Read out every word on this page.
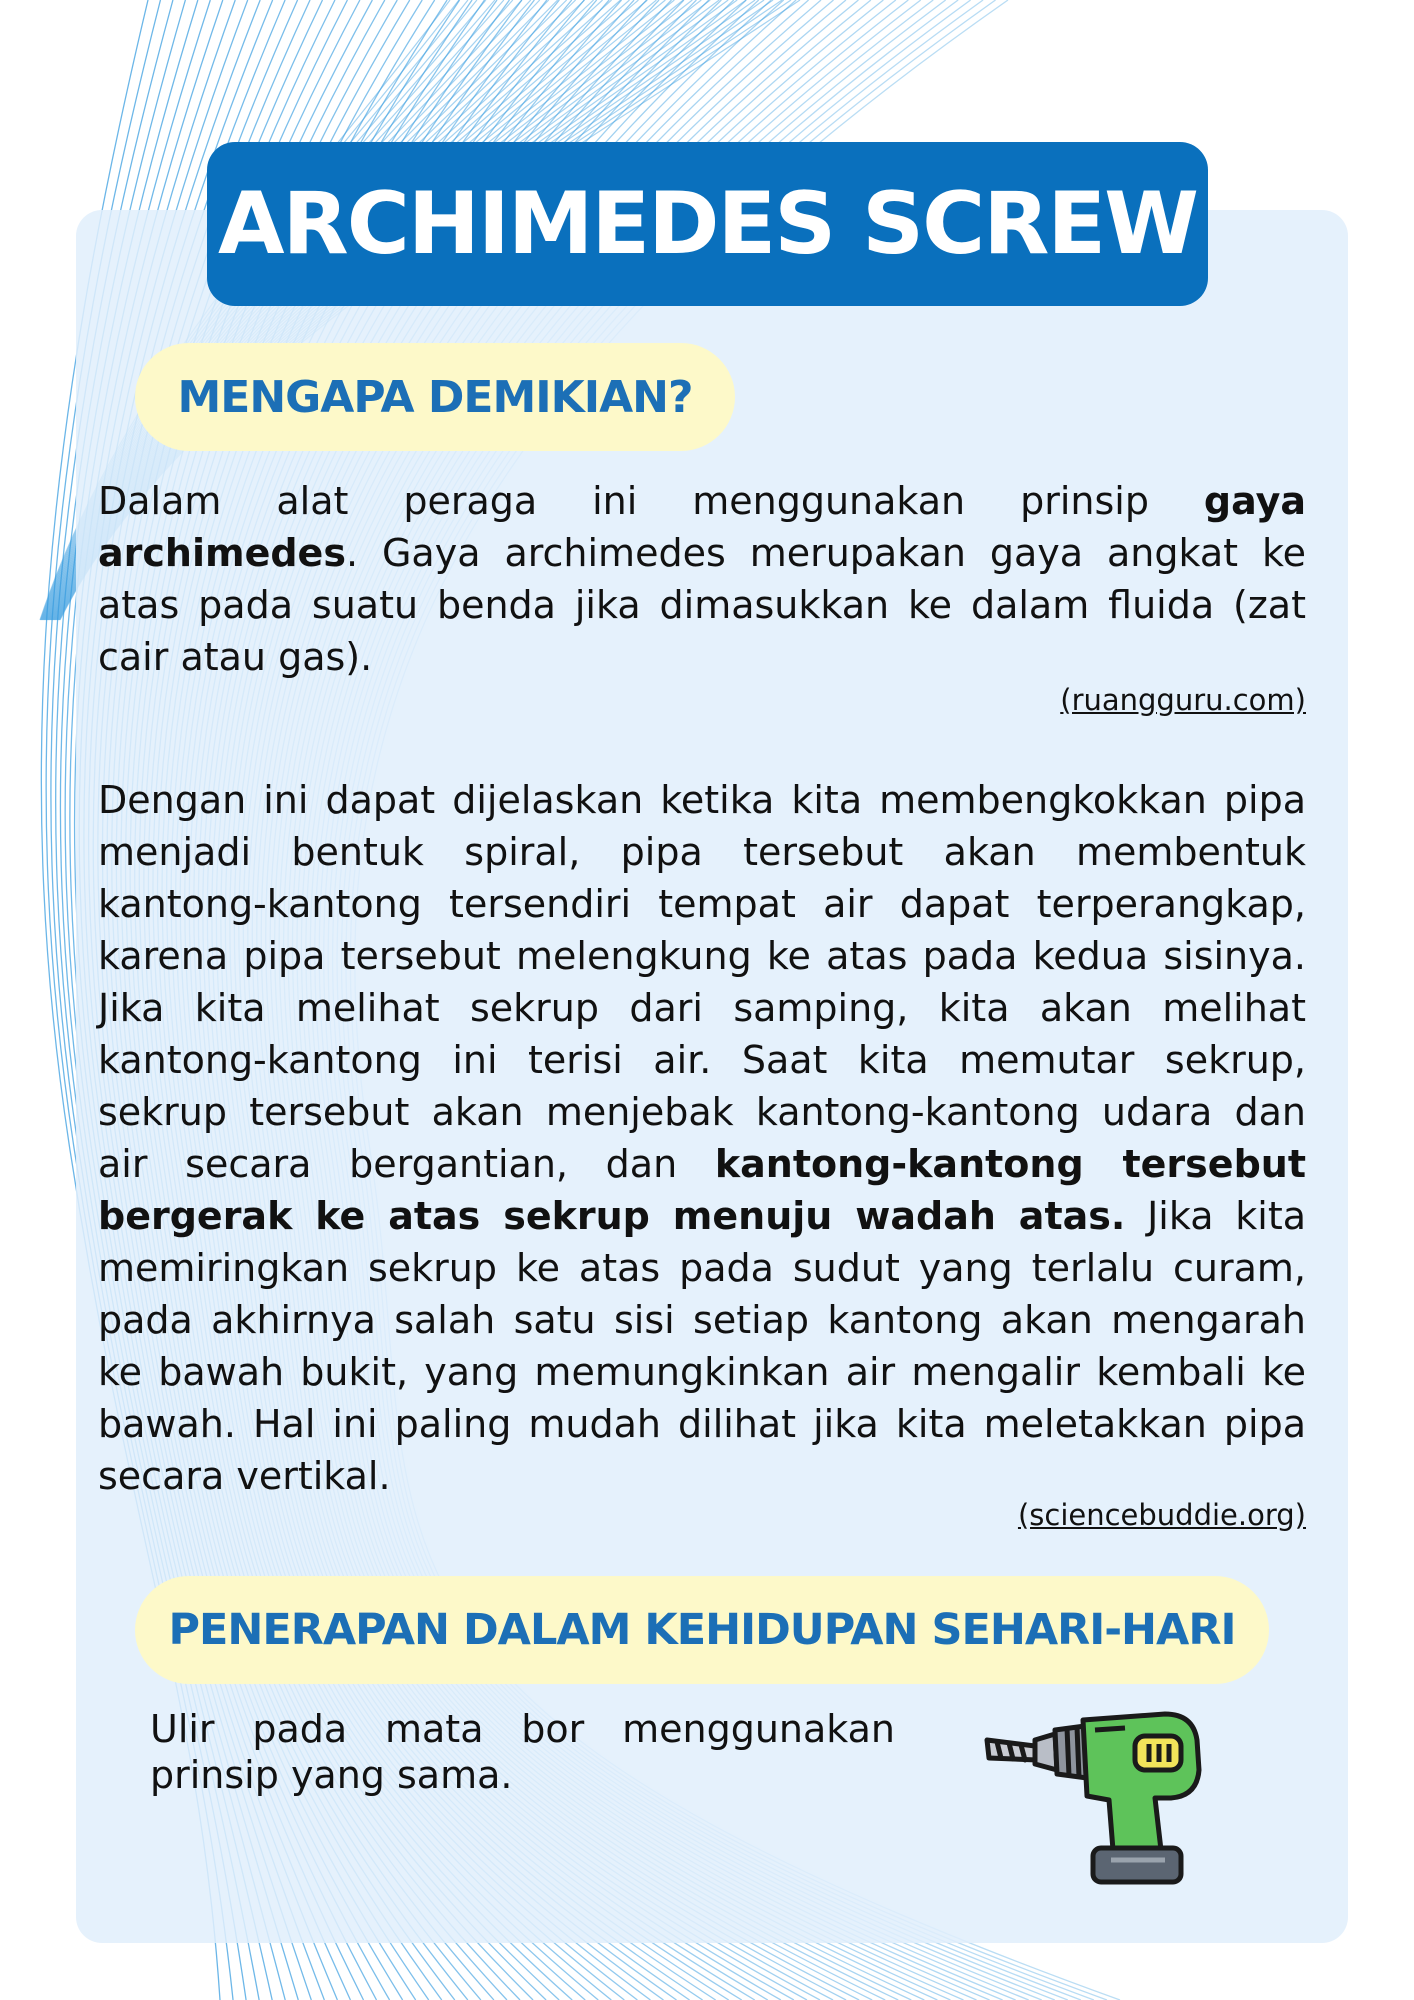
ARCHIMEDES SCREW
MENGAPA DEMIKIAN?
Dalam alat peraga ini menggunakan prinsip gaya archimedes. Gaya archimedes merupakan gaya angkat ke atas pada suatu benda jika dimasukkan ke dalam fluida (zat cair atau gas).
(ruangguru.com)
Dengan ini dapat dijelaskan ketika kita membengkokkan pipa menjadi bentuk spiral, pipa tersebut akan membentuk kantong-kantong tersendiri tempat air dapat terperangkap, karena pipa tersebut melengkung ke atas pada kedua sisinya. Jika kita melihat sekrup dari samping, kita akan melihat kantong-kantong ini terisi air. Saat kita memutar sekrup, sekrup tersebut akan menjebak kantong-kantong udara dan air secara bergantian, dan kantong-kantong tersebut bergerak ke atas sekrup menuju wadah atas. Jika kita memiringkan sekrup ke atas pada sudut yang terlalu curam, pada akhirnya salah satu sisi setiap kantong akan mengarah ke bawah bukit, yang memungkinkan air mengalir kembali ke bawah. Hal ini paling mudah dilihat jika kita meletakkan pipa secara vertikal.
(sciencebuddie.org)
PENERAPAN DALAM KEHIDUPAN SEHARI-HARI
Ulir pada mata bor menggunakan prinsip yang sama.
